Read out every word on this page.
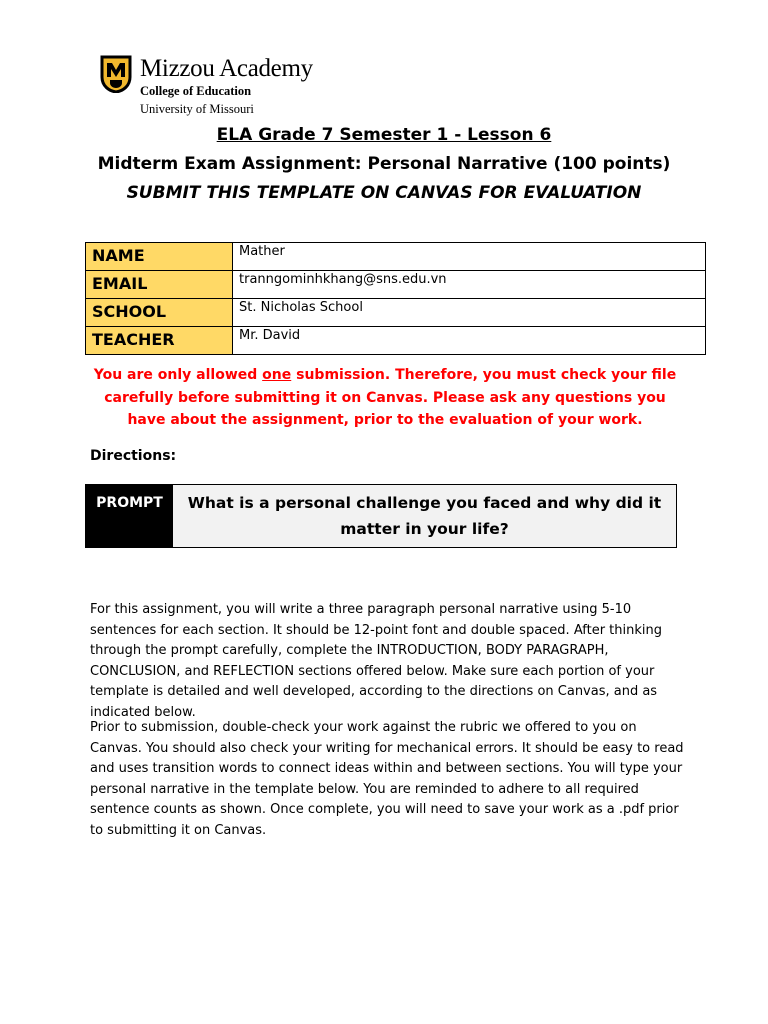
Mizzou Academy
College of Education
University of Missouri
ELA Grade 7 Semester 1 - Lesson 6
Midterm Exam Assignment: Personal Narrative (100 points)
SUBMIT THIS TEMPLATE ON CANVAS FOR EVALUATION
NAME	Mather
EMAIL	tranngominhkhang@sns.edu.vn
SCHOOL	St. Nicholas School
TEACHER	Mr. David
You are only allowed one submission. Therefore, you must check your file carefully before submitting it on Canvas. Please ask any questions you have about the assignment, prior to the evaluation of your work.
Directions:
PROMPT	What is a personal challenge you faced and why did it matter in your life?
For this assignment, you will write a three paragraph personal narrative using 5-10 sentences for each section. It should be 12-point font and double spaced. After thinking through the prompt carefully, complete the INTRODUCTION, BODY PARAGRAPH, CONCLUSION, and REFLECTION sections offered below. Make sure each portion of your template is detailed and well developed, according to the directions on Canvas, and as indicated below.
Prior to submission, double-check your work against the rubric we offered to you on Canvas. You should also check your writing for mechanical errors. It should be easy to read and uses transition words to connect ideas within and between sections. You will type your personal narrative in the template below. You are reminded to adhere to all required sentence counts as shown. Once complete, you will need to save your work as a .pdf prior to submitting it on Canvas.
